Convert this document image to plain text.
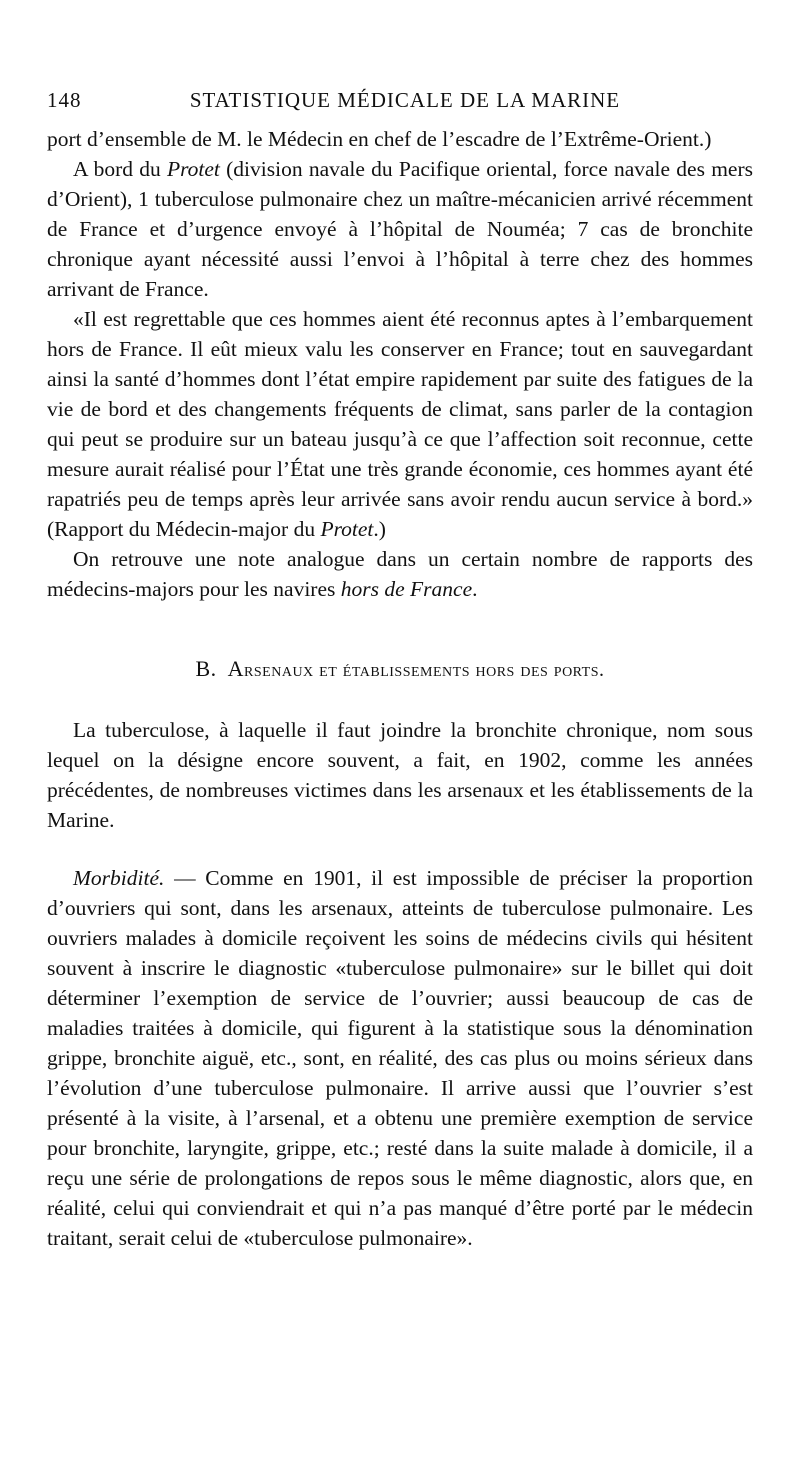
148	STATISTIQUE MÉDICALE DE LA MARINE

port d’ensemble de M. le Médecin en chef de l’escadre de l’Extrême-Orient.)

A bord du Protet (division navale du Pacifique oriental, force navale des mers d’Orient), 1 tuberculose pulmonaire chez un maître-mécanicien arrivé récemment de France et d’urgence envoyé à l’hôpital de Nouméa; 7 cas de bronchite chronique ayant nécessité aussi l’envoi à l’hôpital à terre chez des hommes arrivant de France.

«Il est regrettable que ces hommes aient été reconnus aptes à l’embarquement hors de France. Il eût mieux valu les conserver en France; tout en sauvegardant ainsi la santé d’hommes dont l’état empire rapidement par suite des fatigues de la vie de bord et des changements fréquents de climat, sans parler de la contagion qui peut se produire sur un bateau jusqu’à ce que l’affection soit reconnue, cette mesure aurait réalisé pour l’État une très grande économie, ces hommes ayant été rapatriés peu de temps après leur arrivée sans avoir rendu aucun service à bord.» (Rapport du Médecin-major du Protet.)

On retrouve une note analogue dans un certain nombre de rapports des médecins-majors pour les navires hors de France.

B. Arsenaux et établissements hors des ports.

La tuberculose, à laquelle il faut joindre la bronchite chronique, nom sous lequel on la désigne encore souvent, a fait, en 1902, comme les années précédentes, de nombreuses victimes dans les arsenaux et les établissements de la Marine.

Morbidité. — Comme en 1901, il est impossible de préciser la proportion d’ouvriers qui sont, dans les arsenaux, atteints de tuberculose pulmonaire. Les ouvriers malades à domicile reçoivent les soins de médecins civils qui hésitent souvent à inscrire le diagnostic «tuberculose pulmonaire» sur le billet qui doit déterminer l’exemption de service de l’ouvrier; aussi beaucoup de cas de maladies traitées à domicile, qui figurent à la statistique sous la dénomination grippe, bronchite aiguë, etc., sont, en réalité, des cas plus ou moins sérieux dans l’évolution d’une tuberculose pulmonaire. Il arrive aussi que l’ouvrier s’est présenté à la visite, à l’arsenal, et a obtenu une première exemption de service pour bronchite, laryngite, grippe, etc.; resté dans la suite malade à domicile, il a reçu une série de prolongations de repos sous le même diagnostic, alors que, en réalité, celui qui conviendrait et qui n’a pas manqué d’être porté par le médecin traitant, serait celui de «tuberculose pulmonaire».
